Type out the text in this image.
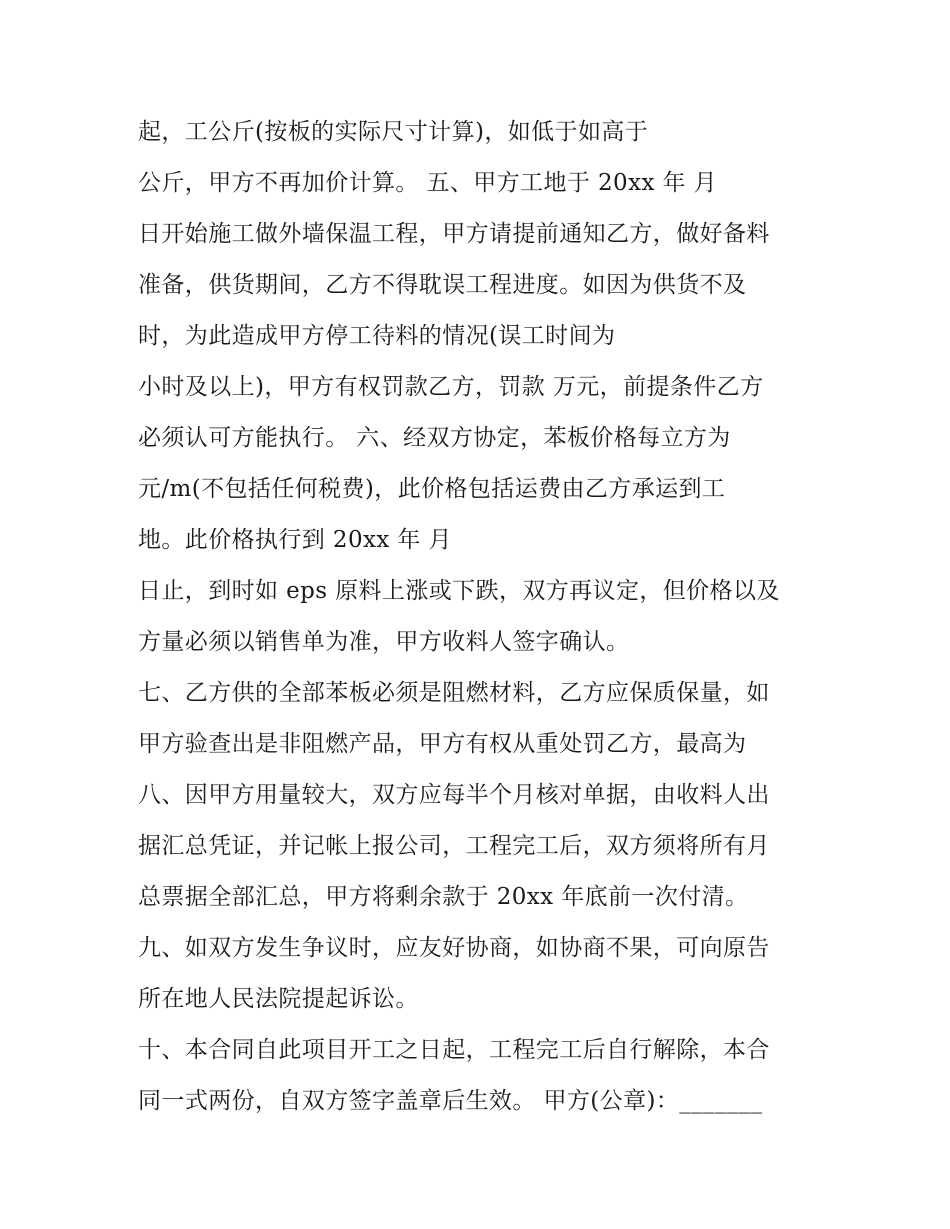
起，工公斤(按板的实际尺寸计算)，如低于如高于
公斤，甲方不再加价计算。 五、甲方工地于 20xx 年 月
日开始施工做外墙保温工程，甲方请提前通知乙方，做好备料
准备，供货期间，乙方不得耽误工程进度。如因为供货不及
时，为此造成甲方停工待料的情况(误工时间为
小时及以上)，甲方有权罚款乙方，罚款 万元，前提条件乙方
必须认可方能执行。 六、经双方协定，苯板价格每立方为
元/m(不包括任何税费)，此价格包括运费由乙方承运到工
地。此价格执行到 20xx 年 月
日止，到时如 eps 原料上涨或下跌，双方再议定，但价格以及
方量必须以销售单为准，甲方收料人签字确认。
七、乙方供的全部苯板必须是阻燃材料，乙方应保质保量，如
甲方验查出是非阻燃产品，甲方有权从重处罚乙方，最高为
八、因甲方用量较大，双方应每半个月核对单据，由收料人出
据汇总凭证，并记帐上报公司，工程完工后，双方须将所有月
总票据全部汇总，甲方将剩余款于 20xx 年底前一次付清。
九、如双方发生争议时，应友好协商，如协商不果，可向原告
所在地人民法院提起诉讼。
十、本合同自此项目开工之日起，工程完工后自行解除，本合
同一式两份，自双方签字盖章后生效。 甲方(公章)：_______
